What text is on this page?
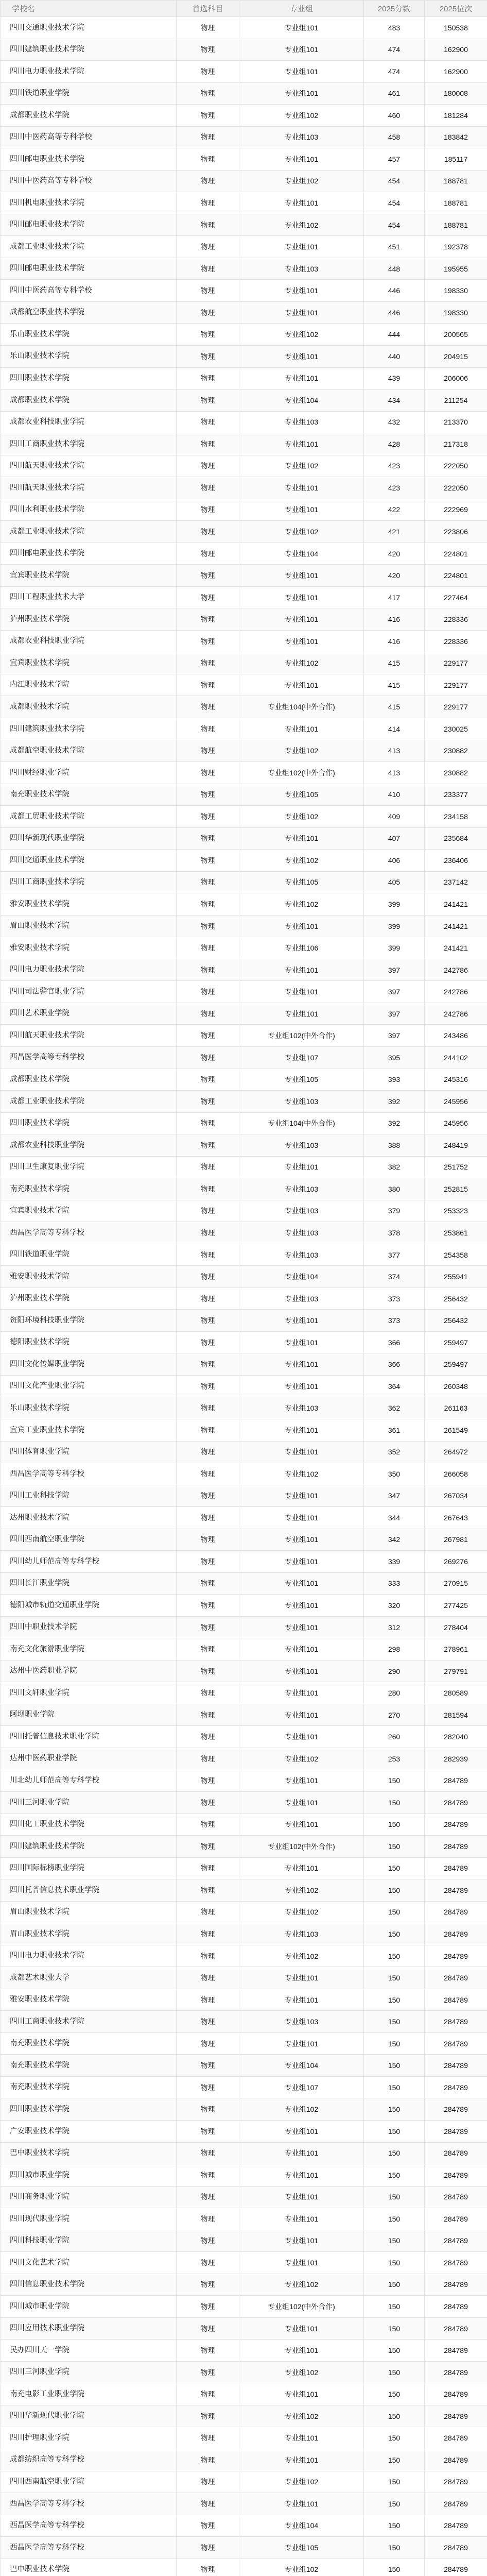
学校名	首选科目	专业组	2025分数	2025位次
四川交通职业技术学院	物理	专业组101	483	150538
四川建筑职业技术学院	物理	专业组101	474	162900
四川电力职业技术学院	物理	专业组101	474	162900
四川铁道职业学院	物理	专业组101	461	180008
成都职业技术学院	物理	专业组102	460	181284
四川中医药高等专科学校	物理	专业组103	458	183842
四川邮电职业技术学院	物理	专业组101	457	185117
四川中医药高等专科学校	物理	专业组102	454	188781
四川机电职业技术学院	物理	专业组101	454	188781
四川邮电职业技术学院	物理	专业组102	454	188781
成都工业职业技术学院	物理	专业组101	451	192378
四川邮电职业技术学院	物理	专业组103	448	195955
四川中医药高等专科学校	物理	专业组101	446	198330
成都航空职业技术学院	物理	专业组101	446	198330
乐山职业技术学院	物理	专业组102	444	200565
乐山职业技术学院	物理	专业组101	440	204915
四川职业技术学院	物理	专业组101	439	206006
成都职业技术学院	物理	专业组104	434	211254
成都农业科技职业学院	物理	专业组103	432	213370
四川工商职业技术学院	物理	专业组101	428	217318
四川航天职业技术学院	物理	专业组102	423	222050
四川航天职业技术学院	物理	专业组101	423	222050
四川水利职业技术学院	物理	专业组101	422	222969
成都工业职业技术学院	物理	专业组102	421	223806
四川邮电职业技术学院	物理	专业组104	420	224801
宜宾职业技术学院	物理	专业组101	420	224801
四川工程职业技术大学	物理	专业组101	417	227464
泸州职业技术学院	物理	专业组101	416	228336
成都农业科技职业学院	物理	专业组101	416	228336
宜宾职业技术学院	物理	专业组102	415	229177
内江职业技术学院	物理	专业组101	415	229177
成都职业技术学院	物理	专业组104(中外合作)	415	229177
四川建筑职业技术学院	物理	专业组101	414	230025
成都航空职业技术学院	物理	专业组102	413	230882
四川财经职业学院	物理	专业组102(中外合作)	413	230882
南充职业技术学院	物理	专业组105	410	233377
成都工贸职业技术学院	物理	专业组102	409	234158
四川华新现代职业学院	物理	专业组101	407	235684
四川交通职业技术学院	物理	专业组102	406	236406
四川工商职业技术学院	物理	专业组105	405	237142
雅安职业技术学院	物理	专业组102	399	241421
眉山职业技术学院	物理	专业组101	399	241421
雅安职业技术学院	物理	专业组106	399	241421
四川电力职业技术学院	物理	专业组101	397	242786
四川司法警官职业学院	物理	专业组101	397	242786
四川艺术职业学院	物理	专业组101	397	242786
四川航天职业技术学院	物理	专业组102(中外合作)	397	243486
西昌医学高等专科学校	物理	专业组107	395	244102
成都职业技术学院	物理	专业组105	393	245316
成都工业职业技术学院	物理	专业组103	392	245956
四川职业技术学院	物理	专业组104(中外合作)	392	245956
成都农业科技职业学院	物理	专业组103	388	248419
四川卫生康复职业学院	物理	专业组101	382	251752
南充职业技术学院	物理	专业组103	380	252815
宜宾职业技术学院	物理	专业组103	379	253323
西昌医学高等专科学校	物理	专业组103	378	253861
四川铁道职业学院	物理	专业组103	377	254358
雅安职业技术学院	物理	专业组104	374	255941
泸州职业技术学院	物理	专业组103	373	256432
资阳环境科技职业学院	物理	专业组101	373	256432
德阳职业技术学院	物理	专业组101	366	259497
四川文化传媒职业学院	物理	专业组101	366	259497
四川文化产业职业学院	物理	专业组101	364	260348
乐山职业技术学院	物理	专业组103	362	261163
宜宾工业职业技术学院	物理	专业组101	361	261549
四川体育职业学院	物理	专业组101	352	264972
西昌医学高等专科学校	物理	专业组102	350	266058
四川工业科技学院	物理	专业组101	347	267034
达州职业技术学院	物理	专业组101	344	267643
四川西南航空职业学院	物理	专业组101	342	267981
四川幼儿师范高等专科学校	物理	专业组101	339	269276
四川长江职业学院	物理	专业组101	333	270915
德阳城市轨道交通职业学院	物理	专业组101	320	277425
四川中职业技术学院	物理	专业组101	312	278404
南充文化旅游职业学院	物理	专业组101	298	278961
达州中医药职业学院	物理	专业组101	290	279791
四川文轩职业学院	物理	专业组101	280	280589
阿坝职业学院	物理	专业组101	270	281594
四川托普信息技术职业学院	物理	专业组101	260	282040
达州中医药职业学院	物理	专业组102	253	282939
川北幼儿师范高等专科学校	物理	专业组101	150	284789
四川三河职业学院	物理	专业组101	150	284789
四川化工职业技术学院	物理	专业组101	150	284789
四川建筑职业技术学院	物理	专业组102(中外合作)	150	284789
四川国际标榜职业学院	物理	专业组101	150	284789
四川托普信息技术职业学院	物理	专业组102	150	284789
眉山职业技术学院	物理	专业组102	150	284789
眉山职业技术学院	物理	专业组103	150	284789
四川电力职业技术学院	物理	专业组102	150	284789
成都艺术职业大学	物理	专业组101	150	284789
雅安职业技术学院	物理	专业组101	150	284789
四川工商职业技术学院	物理	专业组103	150	284789
南充职业技术学院	物理	专业组101	150	284789
南充职业技术学院	物理	专业组104	150	284789
南充职业技术学院	物理	专业组107	150	284789
四川职业技术学院	物理	专业组102	150	284789
广安职业技术学院	物理	专业组101	150	284789
巴中职业技术学院	物理	专业组101	150	284789
四川城市职业学院	物理	专业组101	150	284789
四川商务职业学院	物理	专业组101	150	284789
四川现代职业学院	物理	专业组101	150	284789
四川科技职业学院	物理	专业组101	150	284789
四川文化艺术学院	物理	专业组101	150	284789
四川信息职业技术学院	物理	专业组102	150	284789
四川城市职业学院	物理	专业组102(中外合作)	150	284789
四川应用技术职业学院	物理	专业组101	150	284789
民办四川天一学院	物理	专业组101	150	284789
四川三河职业学院	物理	专业组102	150	284789
南充电影工业职业学院	物理	专业组101	150	284789
四川华新现代职业学院	物理	专业组102	150	284789
四川护理职业学院	物理	专业组101	150	284789
成都纺织高等专科学校	物理	专业组101	150	284789
四川西南航空职业学院	物理	专业组102	150	284789
西昌医学高等专科学校	物理	专业组101	150	284789
西昌医学高等专科学校	物理	专业组104	150	284789
西昌医学高等专科学校	物理	专业组105	150	284789
巴中职业技术学院	物理	专业组102	150	284789
